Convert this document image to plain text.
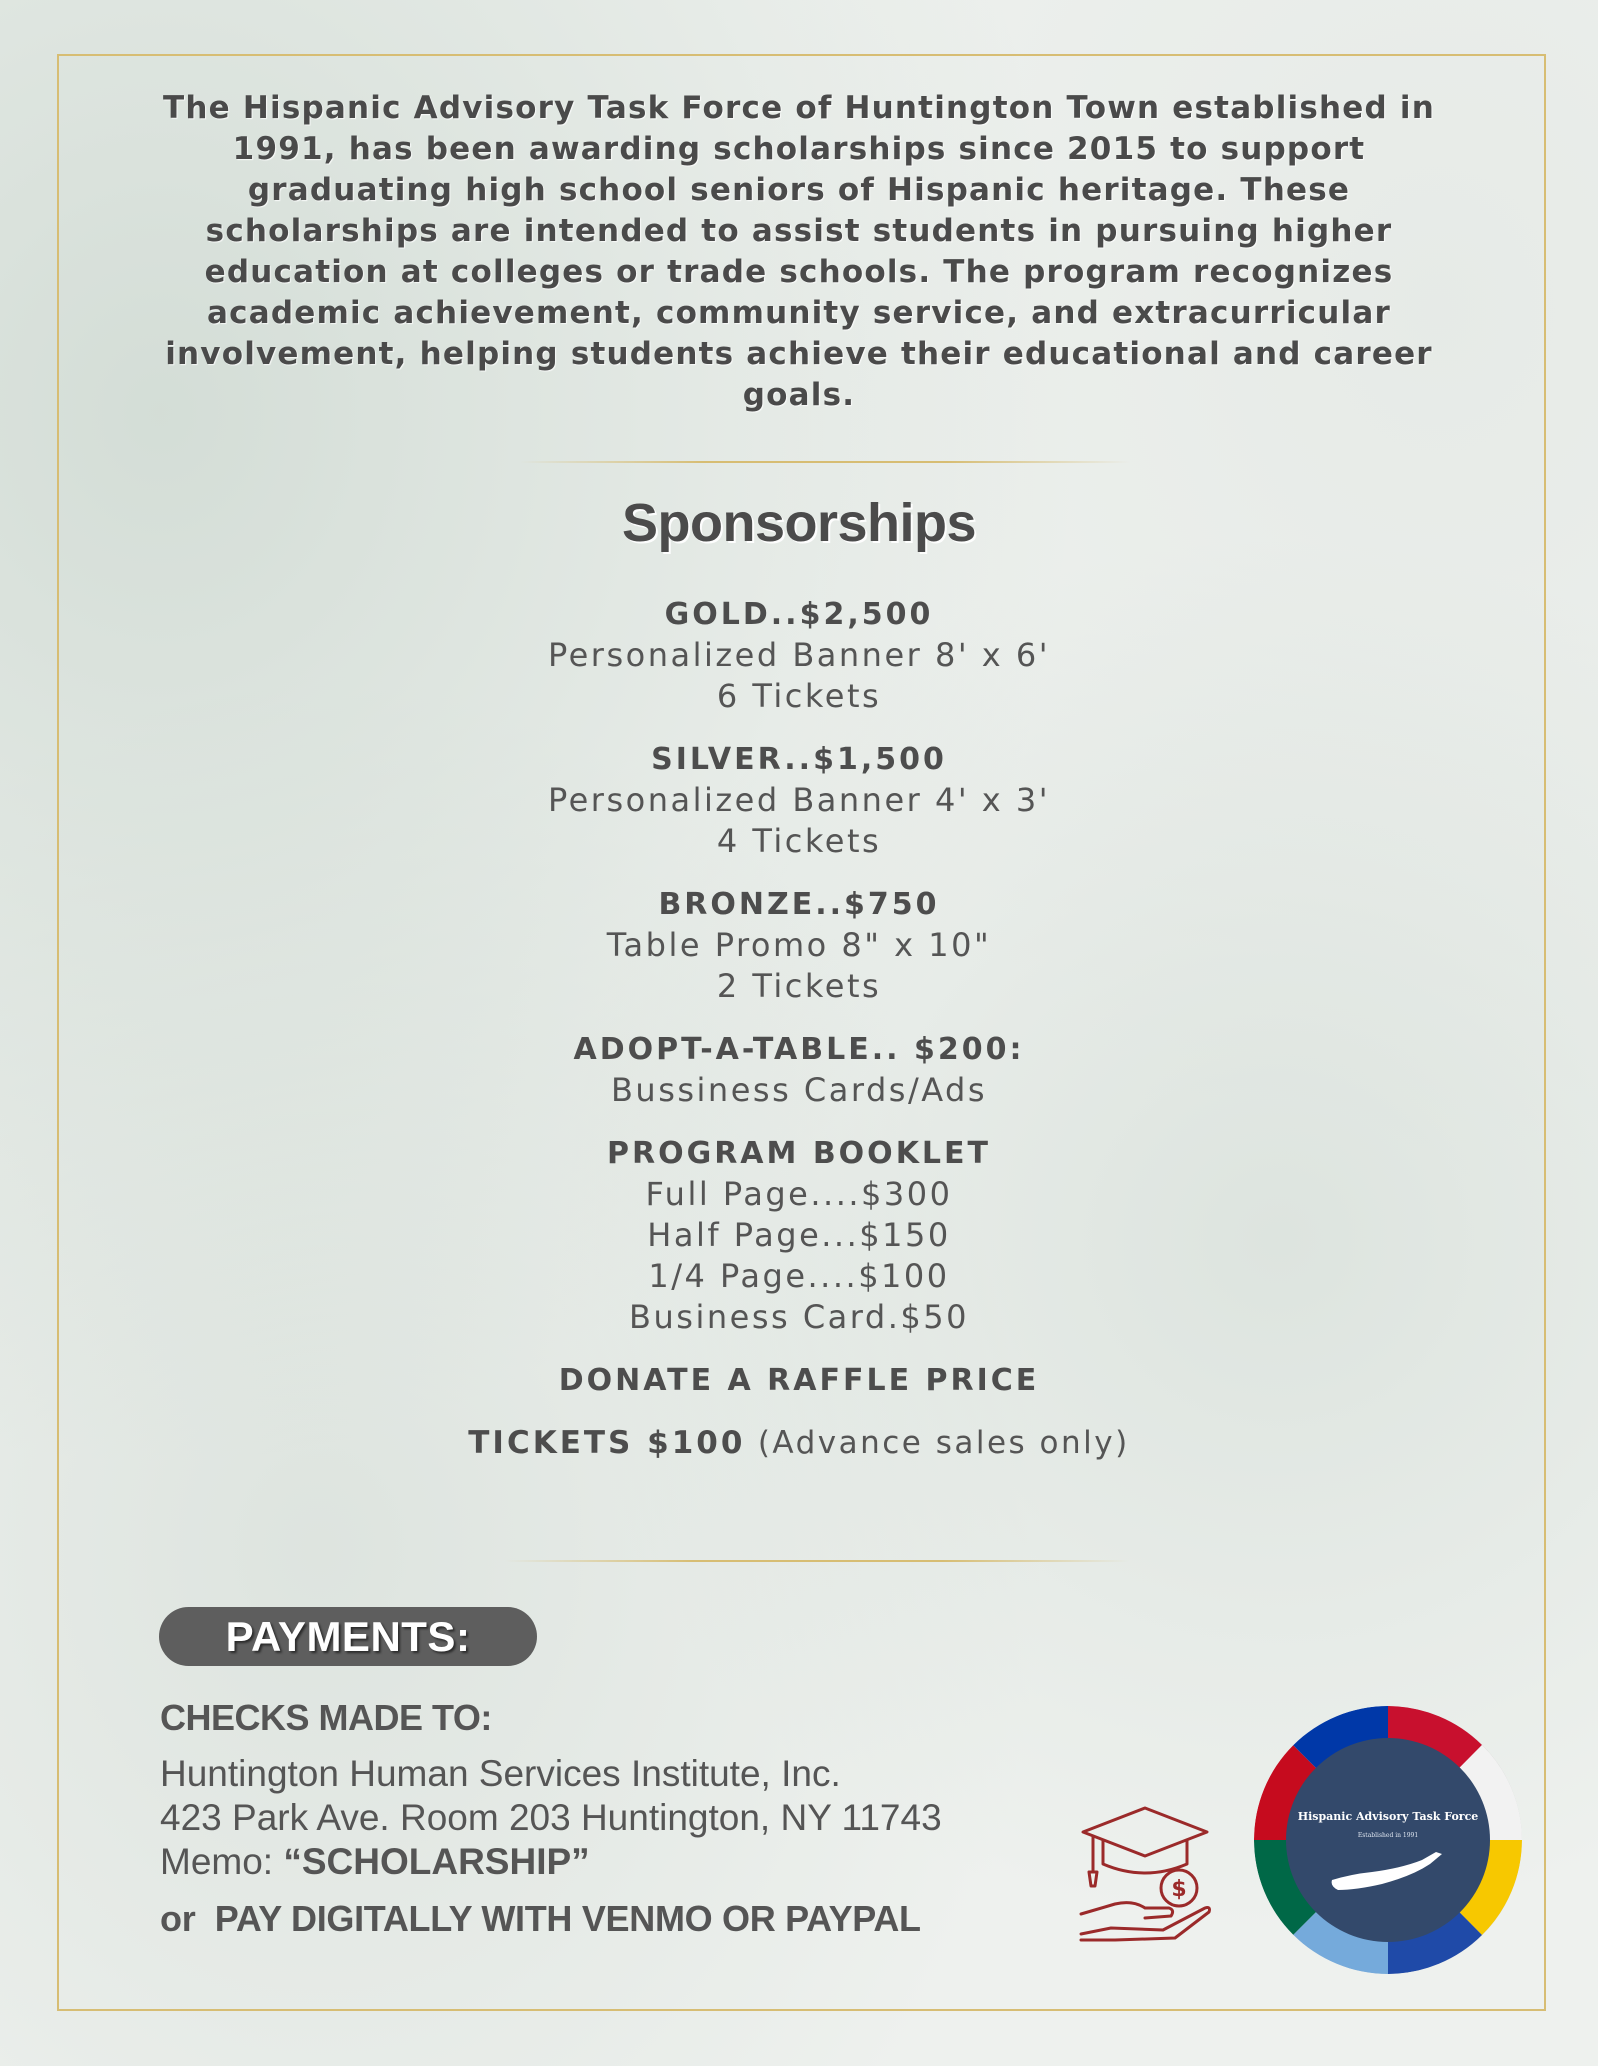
The Hispanic Advisory Task Force of Huntington Town established in 1991, has been awarding scholarships since 2015 to support graduating high school seniors of Hispanic heritage. These scholarships are intended to assist students in pursuing higher education at colleges or trade schools. The program recognizes academic achievement, community service, and extracurricular involvement, helping students achieve their educational and career goals.

Sponsorships
GOLD..$2,500
Personalized Banner 8' x 6'
6 Tickets
SILVER..$1,500
Personalized Banner 4' x 3'
4 Tickets
BRONZE..$750
Table Promo 8" x 10"
2 Tickets
ADOPT-A-TABLE.. $200:
Bussiness Cards/Ads
PROGRAM BOOKLET
Full Page....$300
Half Page...$150
1/4 Page....$100
Business Card.$50
DONATE A RAFFLE PRICE
TICKETS $100 (Advance sales only)
PAYMENTS:
CHECKS MADE TO:
Huntington Human Services Institute, Inc.
423 Park Ave. Room 203 Huntington, NY 11743
Memo: “SCHOLARSHIP”
or  PAY DIGITALLY WITH VENMO OR PAYPAL
$
Hispanic Advisory Task Force
Established in 1991
